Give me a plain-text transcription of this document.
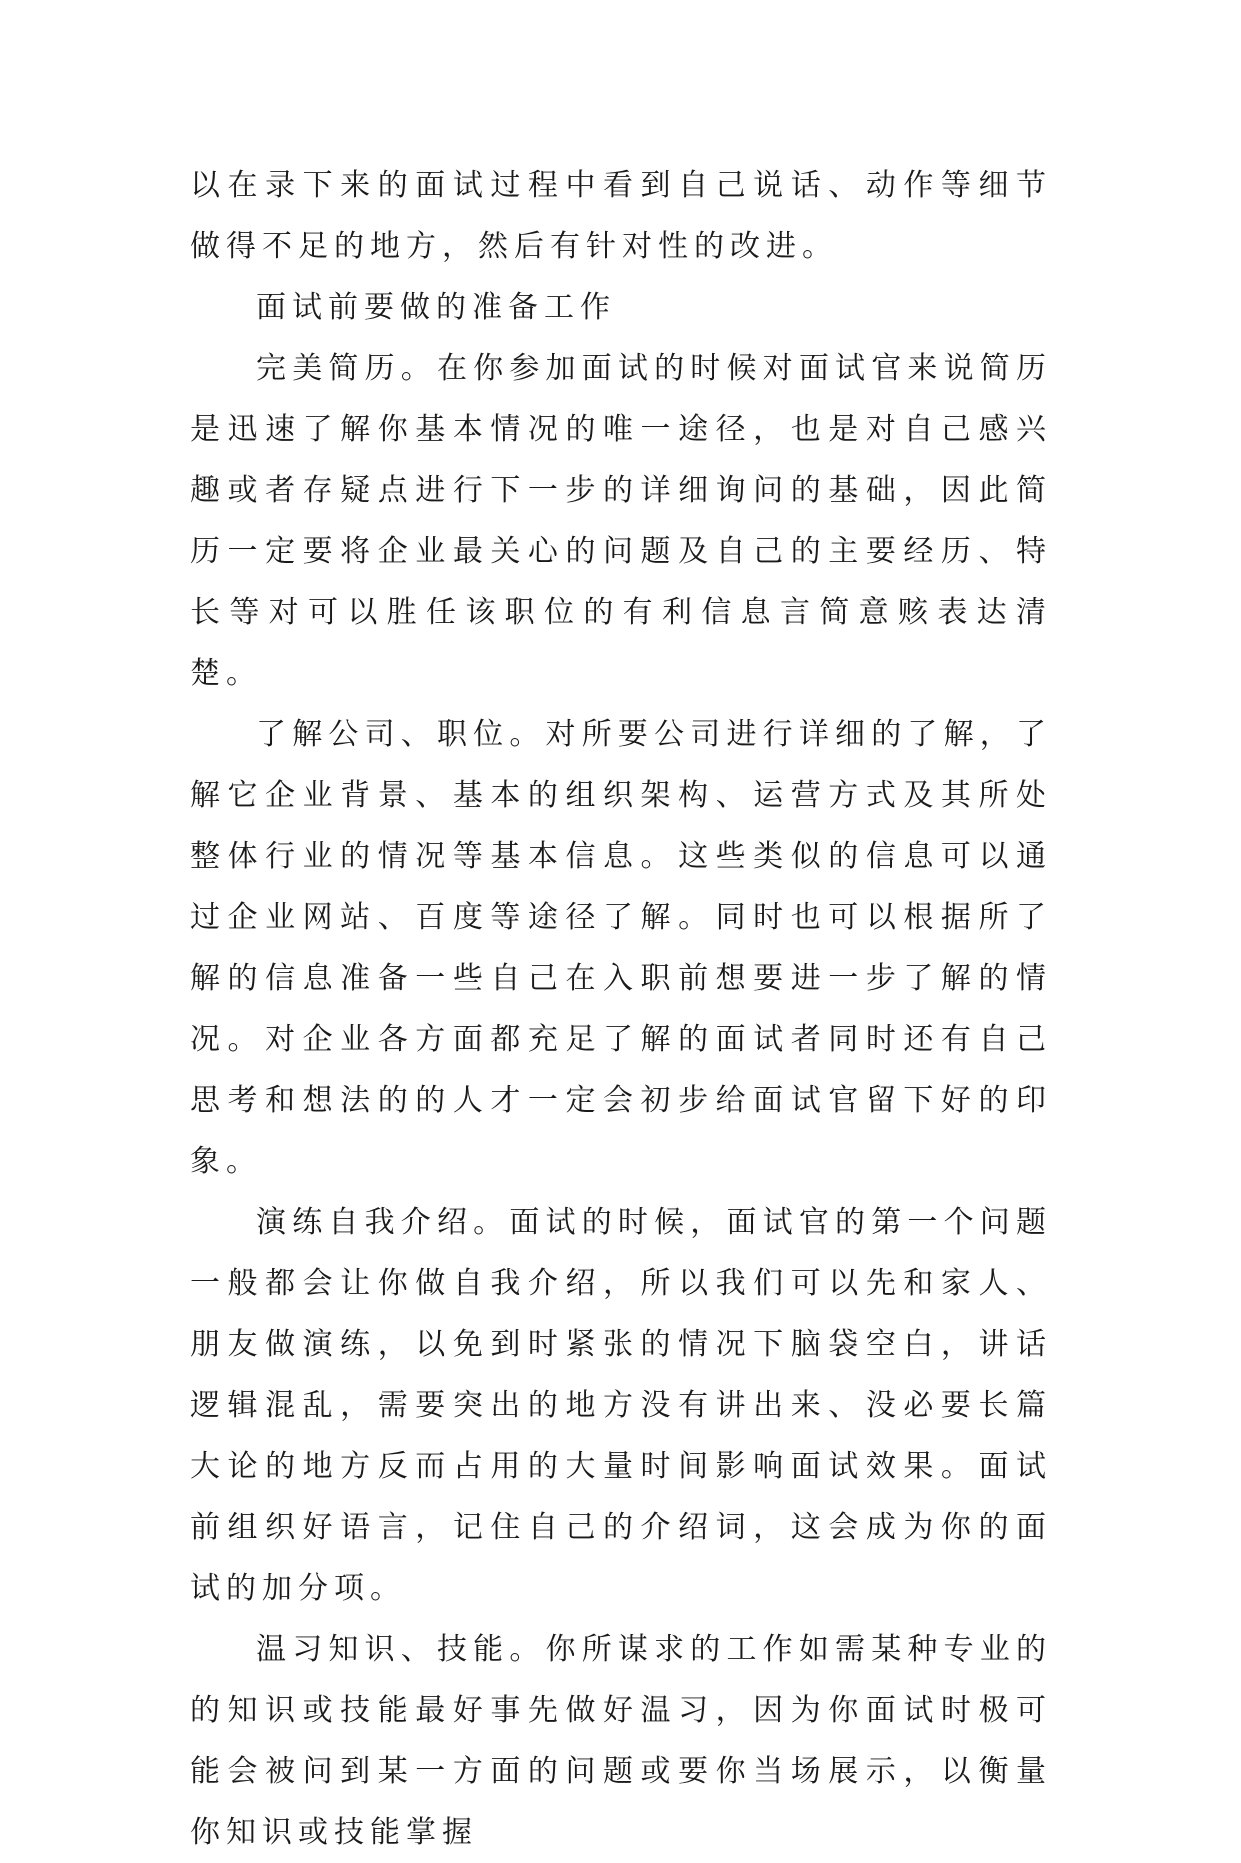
以在录下来的面试过程中看到自己说话、动作等细节做得不足的地方，然后有针对性的改进。

面试前要做的准备工作

完美简历。在你参加面试的时候对面试官来说简历是迅速了解你基本情况的唯一途径，也是对自己感兴趣或者存疑点进行下一步的详细询问的基础，因此简历一定要将企业最关心的问题及自己的主要经历、特长等对可以胜任该职位的有利信息言简意赅表达清楚。

了解公司、职位。对所要公司进行详细的了解，了解它企业背景、基本的组织架构、运营方式及其所处整体行业的情况等基本信息。这些类似的信息可以通过企业网站、百度等途径了解。同时也可以根据所了解的信息准备一些自己在入职前想要进一步了解的情况。对企业各方面都充足了解的面试者同时还有自己思考和想法的的人才一定会初步给面试官留下好的印象。

演练自我介绍。面试的时候，面试官的第一个问题一般都会让你做自我介绍，所以我们可以先和家人、朋友做演练，以免到时紧张的情况下脑袋空白，讲话逻辑混乱，需要突出的地方没有讲出来、没必要长篇大论的地方反而占用的大量时间影响面试效果。面试前组织好语言，记住自己的介绍词，这会成为你的面试的加分项。

温习知识、技能。你所谋求的工作如需某种专业的的知识或技能最好事先做好温习，因为你面试时极可能会被问到某一方面的问题或要你当场展示，以衡量你知识或技能掌握
